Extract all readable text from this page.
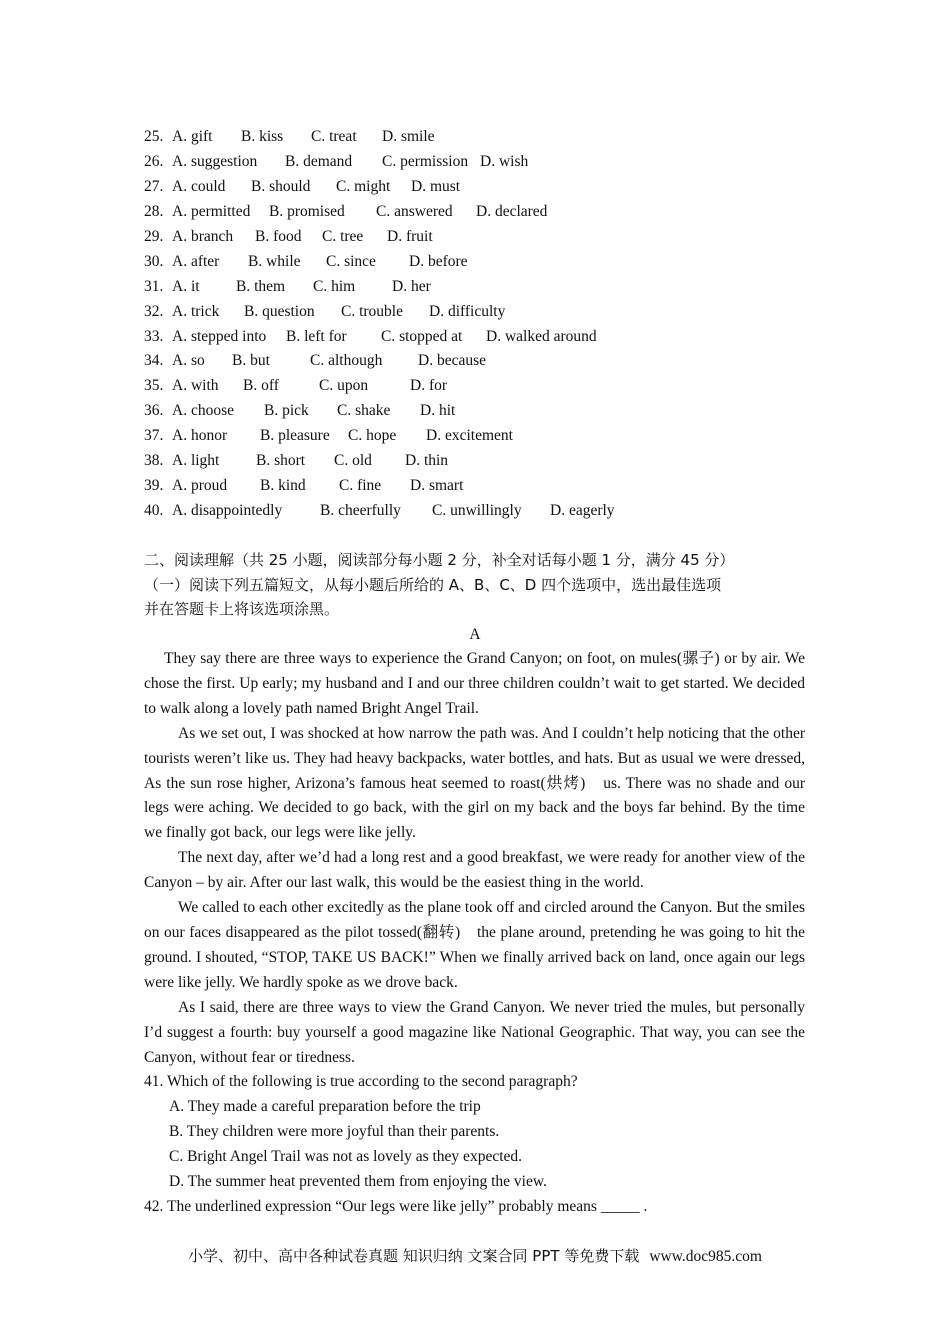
25. A. gift B. kiss C. treat D. smile
26. A. suggestion B. demand C. permission D. wish
27. A. could B. should C. might D. must
28. A. permitted B. promised C. answered D. declared
29. A. branch B. food C. tree D. fruit
30. A. after B. while C. since D. before
31. A. it B. them C. him D. her
32. A. trick B. question C. trouble D. difficulty
33. A. stepped into B. left for C. stopped at D. walked around
34. A. so B. but	C. although D. because
35. A. with B. off	C. upon	D. for
36. A. choose B. pick C. shake D. hit
37. A. honor B. pleasure C. hope D. excitement
38. A. light B. short C. old D. thin
39. A. proud B. kind C. fine D. smart
40. A. disappointedly B. cheerfully C. unwillingly D. eagerly
二、阅读理解（共 25 小题，阅读部分每小题 2 分，补全对话每小题 1 分，满分 45 分）
（一）阅读下列五篇短文，从每小题后所给的 A、B、C、D 四个选项中，选出最佳选项
并在答题卡上将该选项涂黑。
A

They say there are three ways to experience the Grand Canyon; on foot, on mules(骡子) or by air. We chose the first. Up early; my husband and I and our three children couldn’t wait to get started. We decided to walk along a lovely path named Bright Angel Trail.

As we set out, I was shocked at how narrow the path was. And I couldn’t help noticing that the other tourists weren’t like us. They had heavy backpacks, water bottles, and hats. But as usual we were dressed, As the sun rose higher, Arizona’s famous heat seemed to roast(烘烤)　us. There was no shade and our legs were aching. We decided to go back, with the girl on my back and the boys far behind. By the time we finally got back, our legs were like jelly.

The next day, after we’d had a long rest and a good breakfast, we were ready for another view of the Canyon – by air. After our last walk, this would be the easiest thing in the world.

We called to each other excitedly as the plane took off and circled around the Canyon. But the smiles on our faces disappeared as the pilot tossed(翻转)　the plane around, pretending he was going to hit the ground. I shouted, “STOP, TAKE US BACK!” When we finally arrived back on land, once again our legs were like jelly. We hardly spoke as we drove back.

As I said, there are three ways to view the Grand Canyon. We never tried the mules, but personally I’d suggest a fourth: buy yourself a good magazine like National Geographic. That way, you can see the Canyon, without fear or tiredness.

41. Which of the following is true according to the second paragraph?
A. They made a careful preparation before the trip
B. They children were more joyful than their parents.
C. Bright Angel Trail was not as lovely as they expected.
D. The summer heat prevented them from enjoying the view.
42. The underlined expression “Our legs were like jelly” probably means _____ .
小学、初中、高中各种试卷真题 知识归纳 文案合同 PPT 等免费下载 www.doc985.com
